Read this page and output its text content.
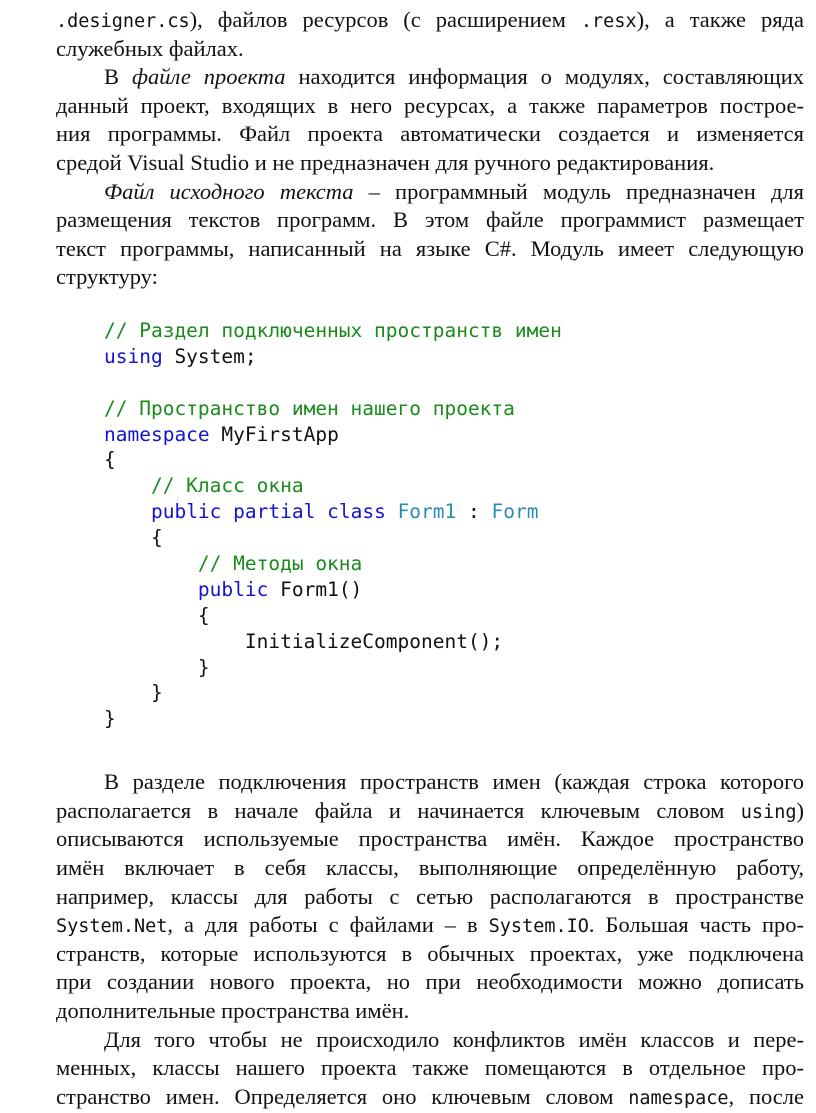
.designer.cs), файлов ресурсов (с расширением .resx), а также ряда
служебных файлах.
В файле проекта находится информация о модулях, составляющих
данный проект, входящих в него ресурсах, а также параметров построе-
ния программы. Файл проекта автоматически создается и изменяется
средой Visual Studio и не предназначен для ручного редактирования.
Файл исходного текста – программный модуль предназначен для
размещения текстов программ. В этом файле программист размещает
текст программы, написанный на языке C#. Модуль имеет следующую
структуру:
// Раздел подключенных пространств имен
using System;

// Пространство имен нашего проекта
namespace MyFirstApp
{
// Класс окна
public partial class Form1 : Form
{
// Методы окна
public Form1()
{
InitializeComponent();
}
}
}
В разделе подключения пространств имен (каждая строка которого
располагается в начале файла и начинается ключевым словом using)
описываются используемые пространства имён. Каждое пространство
имён включает в себя классы, выполняющие определённую работу,
например, классы для работы с сетью располагаются в пространстве
System.Net, а для работы с файлами – в System.IO. Большая часть про-
странств, которые используются в обычных проектах, уже подключена
при создании нового проекта, но при необходимости можно дописать
дополнительные пространства имён.
Для того чтобы не происходило конфликтов имён классов и пере-
менных, классы нашего проекта также помещаются в отдельное про-
странство имен. Определяется оно ключевым словом namespace, после
